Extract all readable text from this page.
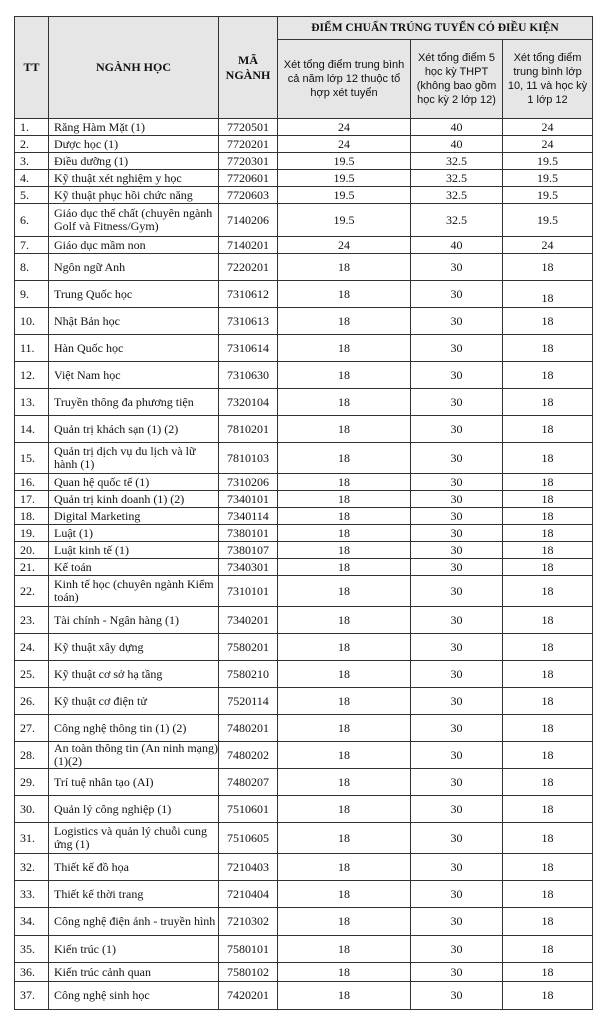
TT	NGÀNH HỌC	MÃ NGÀNH	ĐIỂM CHUẨN TRÚNG TUYỂN CÓ ĐIỀU KIỆN		
			Xét tổng điểm trung bình cả năm lớp 12 thuộc tổ hợp xét tuyển	Xét tổng điểm 5 học kỳ THPT (không bao gồm học kỳ 2 lớp 12)	Xét tổng điểm trung bình lớp 10, 11 và học kỳ 1 lớp 12
1.	Răng Hàm Mặt (1)	7720501	24	40	24
2.	Dược học (1)	7720201	24	40	24
3.	Điều dưỡng (1)	7720301	19.5	32.5	19.5
4.	Kỹ thuật xét nghiệm y học	7720601	19.5	32.5	19.5
5.	Kỹ thuật phục hồi chức năng	7720603	19.5	32.5	19.5
6.	Giáo dục thể chất (chuyên ngành Golf và Fitness/Gym)	7140206	19.5	32.5	19.5
7.	Giáo dục mầm non	7140201	24	40	24
8.	Ngôn ngữ Anh	7220201	18	30	18
9.	Trung Quốc học	7310612	18	30	18
10.	Nhật Bản học	7310613	18	30	18
11.	Hàn Quốc học	7310614	18	30	18
12.	Việt Nam học	7310630	18	30	18
13.	Truyền thông đa phương tiện	7320104	18	30	18
14.	Quản trị khách sạn (1) (2)	7810201	18	30	18
15.	Quản trị dịch vụ du lịch và lữ hành (1)	7810103	18	30	18
16.	Quan hệ quốc tế (1)	7310206	18	30	18
17.	Quản trị kinh doanh (1) (2)	7340101	18	30	18
18.	Digital Marketing	7340114	18	30	18
19.	Luật (1)	7380101	18	30	18
20.	Luật kinh tế (1)	7380107	18	30	18
21.	Kế toán	7340301	18	30	18
22.	Kinh tế học (chuyên ngành Kiểm toán)	7310101	18	30	18
23.	Tài chính - Ngân hàng (1)	7340201	18	30	18
24.	Kỹ thuật xây dựng	7580201	18	30	18
25.	Kỹ thuật cơ sở hạ tầng	7580210	18	30	18
26.	Kỹ thuật cơ điện tử	7520114	18	30	18
27.	Công nghệ thông tin (1) (2)	7480201	18	30	18
28.	An toàn thông tin (An ninh mạng) (1)(2)	7480202	18	30	18
29.	Trí tuệ nhân tạo (AI)	7480207	18	30	18
30.	Quản lý công nghiệp (1)	7510601	18	30	18
31.	Logistics và quản lý chuỗi cung ứng (1)	7510605	18	30	18
32.	Thiết kế đồ họa	7210403	18	30	18
33.	Thiết kế thời trang	7210404	18	30	18
34.	Công nghệ điện ảnh - truyền hình	7210302	18	30	18
35.	Kiến trúc (1)	7580101	18	30	18
36.	Kiến trúc cảnh quan	7580102	18	30	18
37.	Công nghệ sinh học	7420201	18	30	18
